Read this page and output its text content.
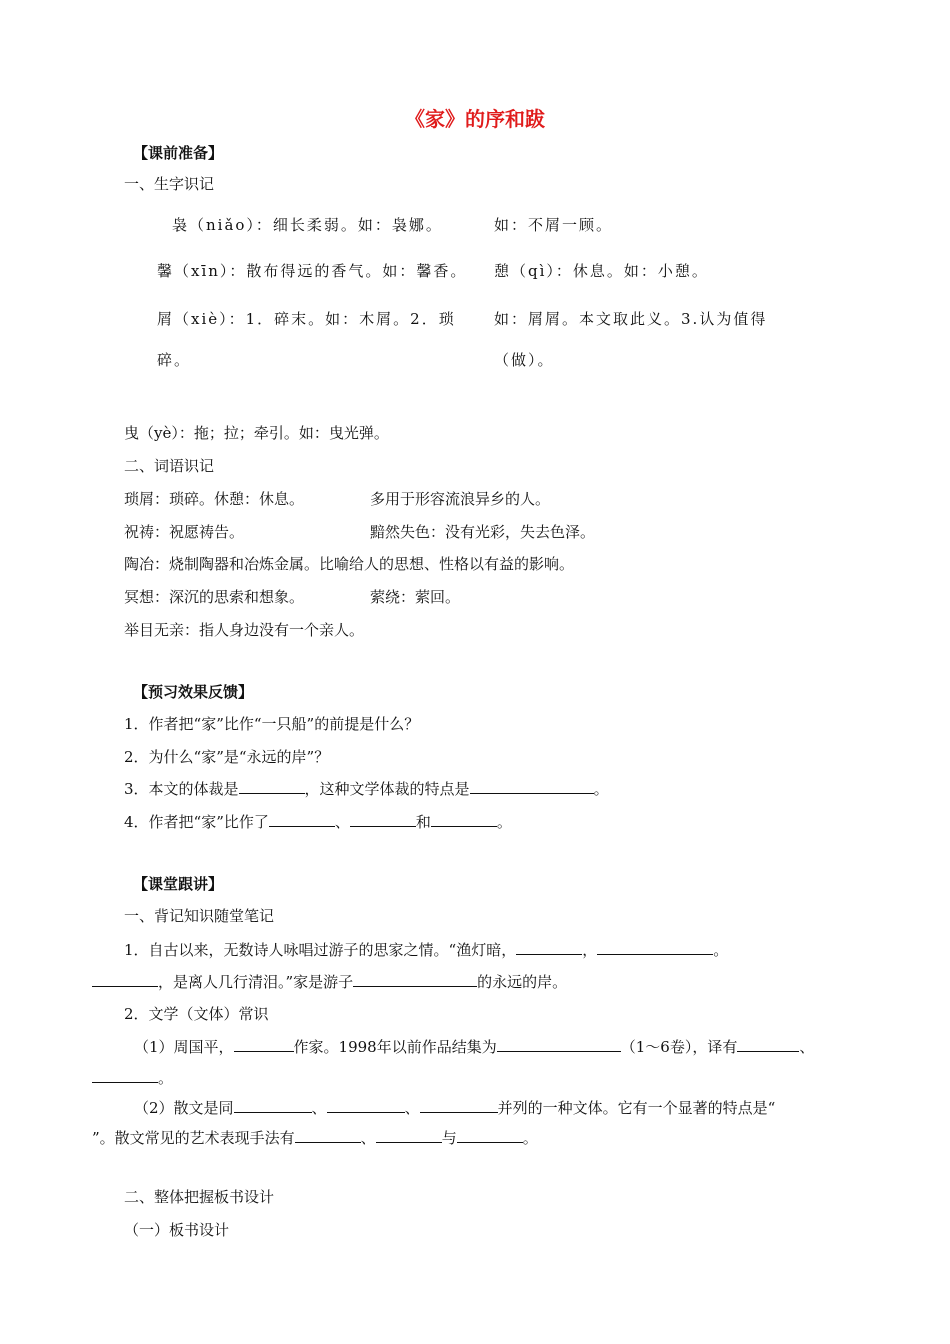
《家》的序和跋
【课前准备】
一、生字识记
袅（niǎo）：细长柔弱。如：袅娜。	如：不屑一顾。
馨（xīn）：散布得远的香气。如：馨香。 憩（qì）：休息。如：小憩。
屑（xiè）：1．碎末。如：木屑。2．琐	如：屑屑。本文取此义。3.认为值得
碎。	（做）。
曳（yè）：拖；拉；牵引。如：曳光弹。
二、词语识记
琐屑：琐碎。休憩：休息。	多用于形容流浪异乡的人。
祝祷：祝愿祷告。	黯然失色：没有光彩，失去色泽。
陶冶：烧制陶器和冶炼金属。比喻给人的思想、性格以有益的影响。
冥想：深沉的思索和想象。	萦绕：萦回。
举目无亲：指人身边没有一个亲人。
【预习效果反馈】
1．作者把“家”比作“一只船”的前提是什么？
2．为什么“家”是“永远的岸”？
3．本文的体裁是	，这种文学体裁的特点是	。
4．作者把“家”比作了	、	和	。
【课堂跟讲】
一、背记知识随堂笔记
1．自古以来，无数诗人咏唱过游子的思家之情。“渔灯暗，	，	。
，是离人几行清泪。”家是游子	的永远的岸。
2．文学（文体）常识
（1）周国平，	作家。1998年以前作品结集为	（1～6卷），译有	、
。
（2）散文是同	、	、	并列的一种文体。它有一个显著的特点是“
”。散文常见的艺术表现手法有	、	与	。
二、整体把握板书设计
（一）板书设计
